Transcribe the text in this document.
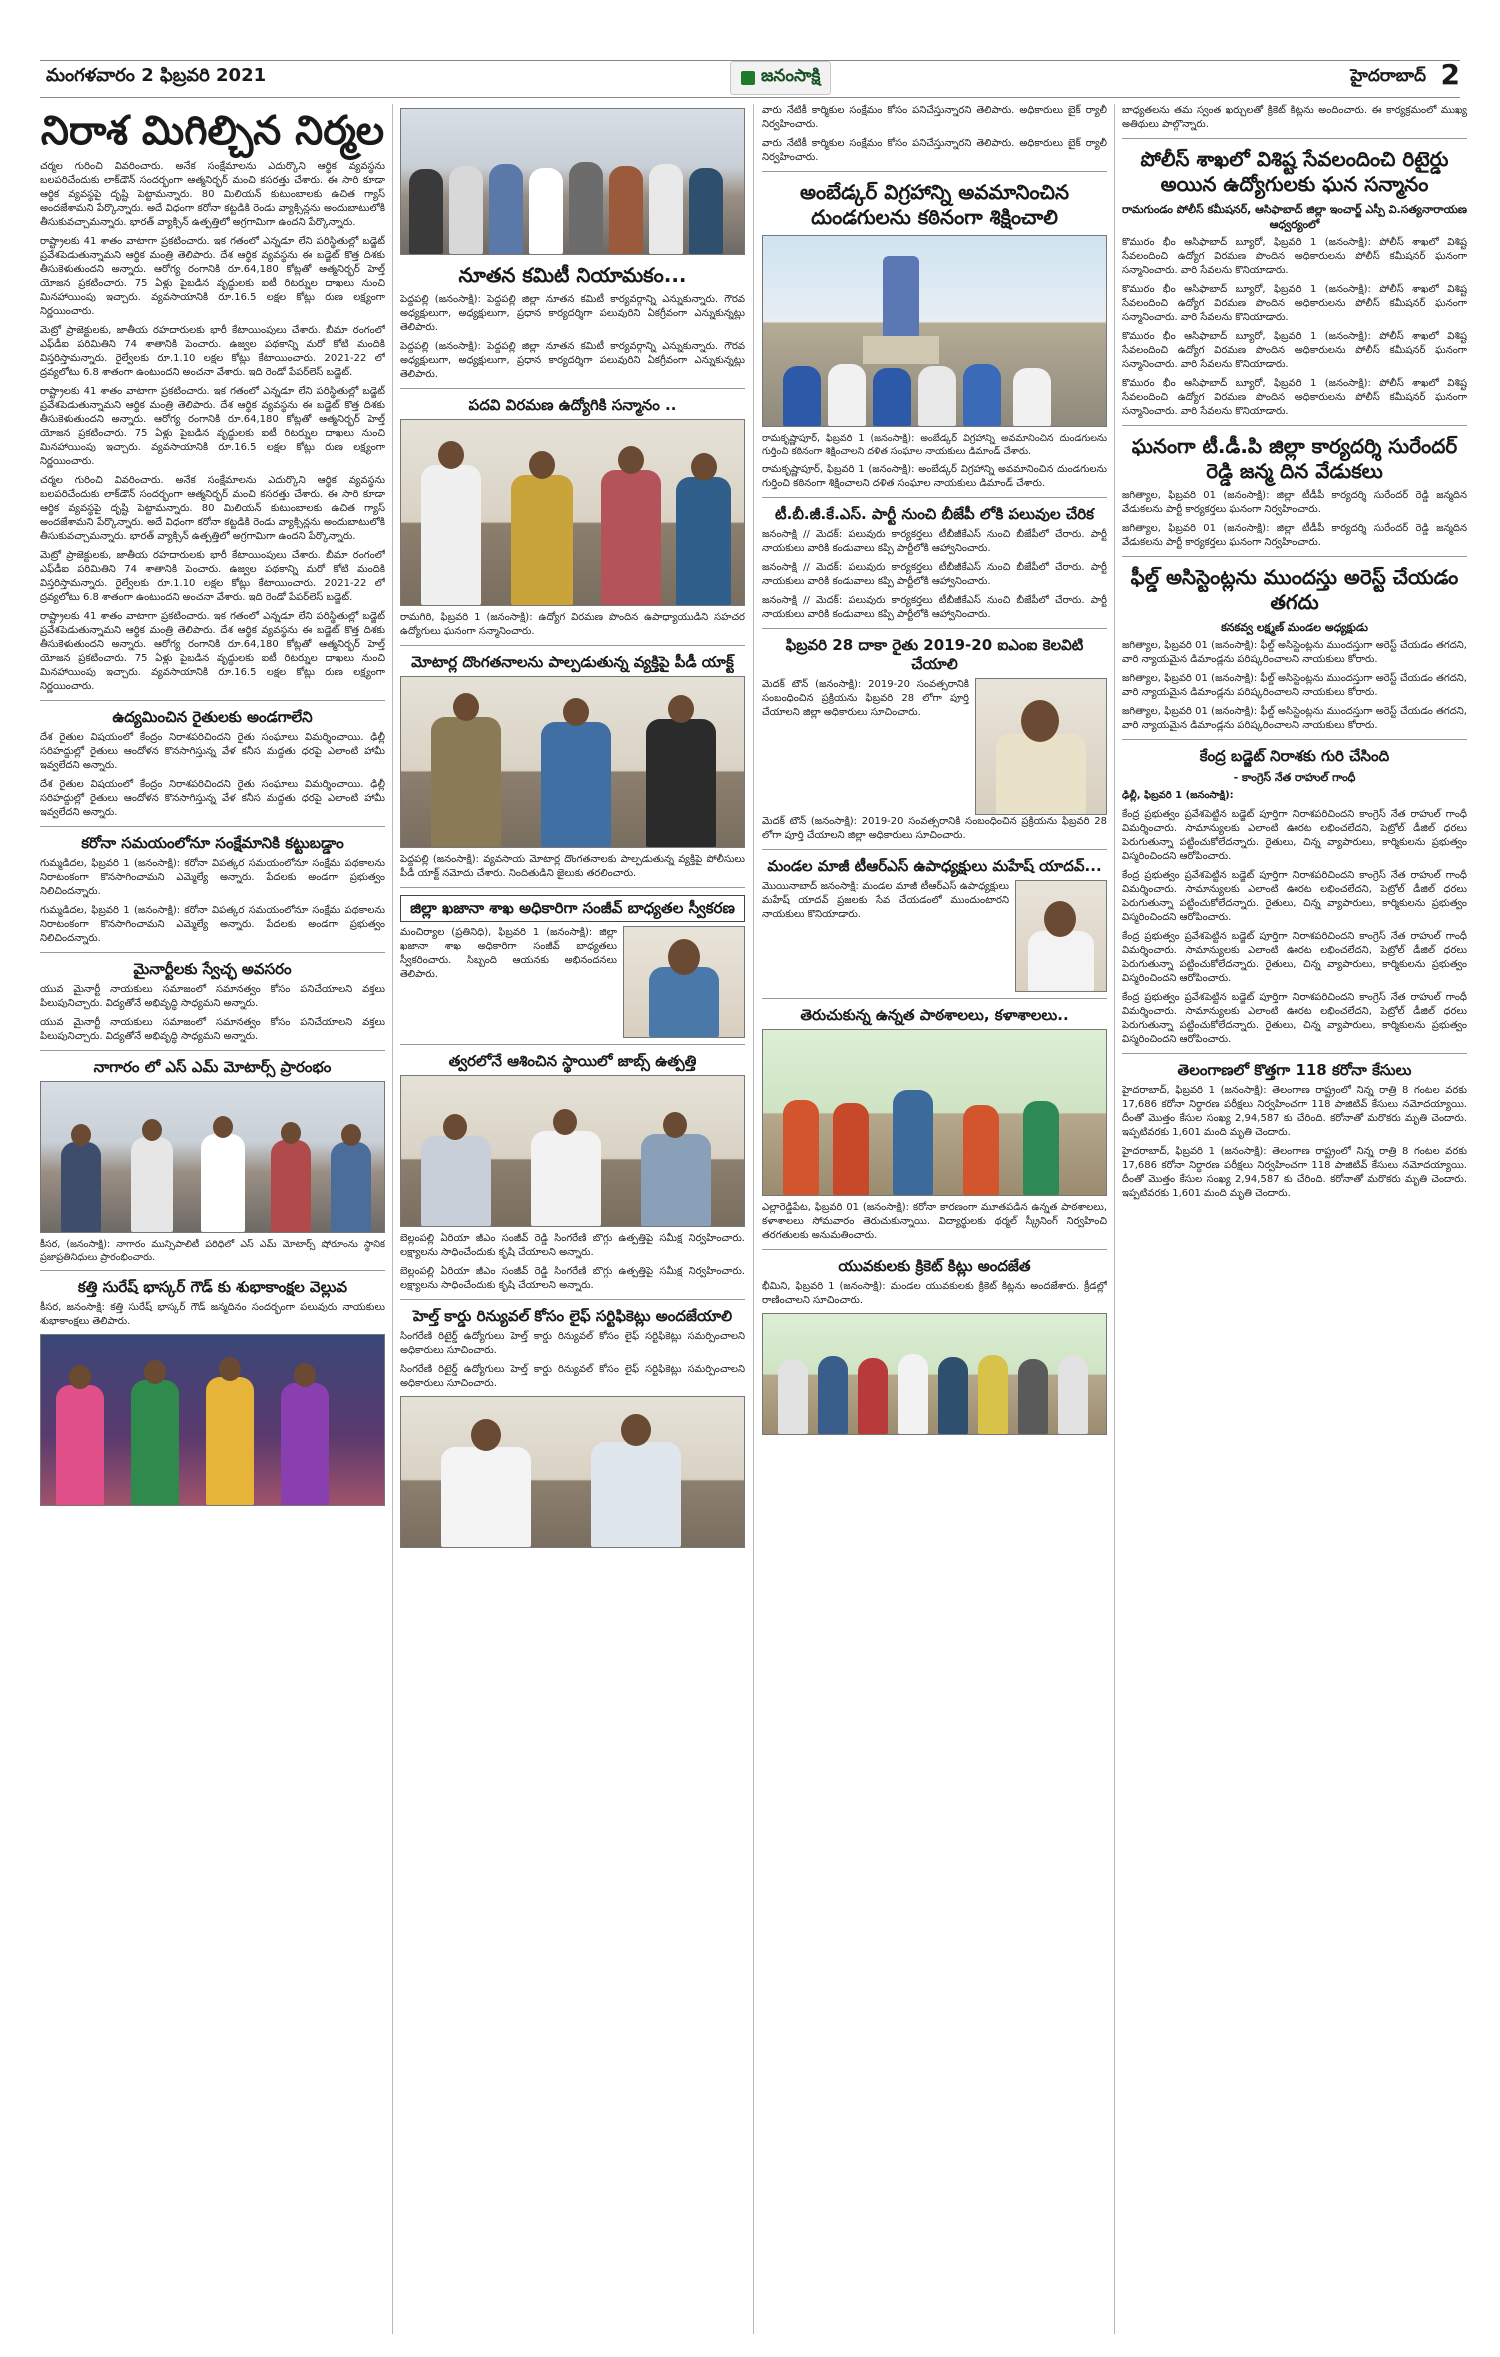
మంగళవారం 2 ఫిబ్రవరి 2021	జనంసాక్షి	హైదరాబాద్ 2
నిరాశ మిగిల్చిన నిర్మల

చర్మల గురించి వివరించారు. అనేక సంక్షేమాలను ఎదుర్కొని ఆర్థిక వ్యవస్థను బలపరిచేందుకు లాక్‌డౌన్ సందర్భంగా ఆత్మనిర్భర్ మంచి కసరత్తు చేశారు. ఈ సారి కూడా ఆర్థిక వ్యవస్థపై దృష్టి పెట్టామన్నారు. 80 మిలియన్ కుటుంబాలకు ఉచిత గ్యాస్ అందజేశామని పేర్కొన్నారు. అదే విధంగా కరోనా కట్టడికి రెండు వ్యాక్సిన్లను అందుబాటులోకి తీసుకువచ్చామన్నారు. భారత్ వ్యాక్సిన్ ఉత్పత్తిలో అగ్రగామిగా ఉందని పేర్కొన్నారు.

రాష్ట్రాలకు 41 శాతం వాటాగా ప్రకటించారు. ఇక గతంలో ఎన్నడూ లేని పరిస్థితుల్లో బడ్జెట్ ప్రవేశపెడుతున్నామని ఆర్థిక మంత్రి తెలిపారు. దేశ ఆర్థిక వ్యవస్థను ఈ బడ్జెట్ కొత్త దిశకు తీసుకెళుతుందని అన్నారు. ఆరోగ్య రంగానికి రూ.64,180 కోట్లతో ఆత్మనిర్భర్ హెల్త్ యోజన ప్రకటించారు. 75 ఏళ్లు పైబడిన వృద్ధులకు ఐటీ రిటర్నుల దాఖలు నుంచి మినహాయింపు ఇచ్చారు. వ్యవసాయానికి రూ.16.5 లక్షల కోట్లు రుణ లక్ష్యంగా నిర్ణయించారు.

మెట్రో ప్రాజెక్టులకు, జాతీయ రహదారులకు భారీ కేటాయింపులు చేశారు. బీమా రంగంలో ఎఫ్‌డీఐ పరిమితిని 74 శాతానికి పెంచారు. ఉజ్వల పథకాన్ని మరో కోటి మందికి విస్తరిస్తామన్నారు. రైల్వేలకు రూ.1.10 లక్షల కోట్లు కేటాయించారు. 2021-22 లో ద్రవ్యలోటు 6.8 శాతంగా ఉంటుందని అంచనా వేశారు. ఇది రెండో పేపర్‌లెస్ బడ్జెట్.

రాష్ట్రాలకు 41 శాతం వాటాగా ప్రకటించారు. ఇక గతంలో ఎన్నడూ లేని పరిస్థితుల్లో బడ్జెట్ ప్రవేశపెడుతున్నామని ఆర్థిక మంత్రి తెలిపారు. దేశ ఆర్థిక వ్యవస్థను ఈ బడ్జెట్ కొత్త దిశకు తీసుకెళుతుందని అన్నారు. ఆరోగ్య రంగానికి రూ.64,180 కోట్లతో ఆత్మనిర్భర్ హెల్త్ యోజన ప్రకటించారు. 75 ఏళ్లు పైబడిన వృద్ధులకు ఐటీ రిటర్నుల దాఖలు నుంచి మినహాయింపు ఇచ్చారు. వ్యవసాయానికి రూ.16.5 లక్షల కోట్లు రుణ లక్ష్యంగా నిర్ణయించారు.

చర్మల గురించి వివరించారు. అనేక సంక్షేమాలను ఎదుర్కొని ఆర్థిక వ్యవస్థను బలపరిచేందుకు లాక్‌డౌన్ సందర్భంగా ఆత్మనిర్భర్ మంచి కసరత్తు చేశారు. ఈ సారి కూడా ఆర్థిక వ్యవస్థపై దృష్టి పెట్టామన్నారు. 80 మిలియన్ కుటుంబాలకు ఉచిత గ్యాస్ అందజేశామని పేర్కొన్నారు. అదే విధంగా కరోనా కట్టడికి రెండు వ్యాక్సిన్లను అందుబాటులోకి తీసుకువచ్చామన్నారు. భారత్ వ్యాక్సిన్ ఉత్పత్తిలో అగ్రగామిగా ఉందని పేర్కొన్నారు.

మెట్రో ప్రాజెక్టులకు, జాతీయ రహదారులకు భారీ కేటాయింపులు చేశారు. బీమా రంగంలో ఎఫ్‌డీఐ పరిమితిని 74 శాతానికి పెంచారు. ఉజ్వల పథకాన్ని మరో కోటి మందికి విస్తరిస్తామన్నారు. రైల్వేలకు రూ.1.10 లక్షల కోట్లు కేటాయించారు. 2021-22 లో ద్రవ్యలోటు 6.8 శాతంగా ఉంటుందని అంచనా వేశారు. ఇది రెండో పేపర్‌లెస్ బడ్జెట్.

రాష్ట్రాలకు 41 శాతం వాటాగా ప్రకటించారు. ఇక గతంలో ఎన్నడూ లేని పరిస్థితుల్లో బడ్జెట్ ప్రవేశపెడుతున్నామని ఆర్థిక మంత్రి తెలిపారు. దేశ ఆర్థిక వ్యవస్థను ఈ బడ్జెట్ కొత్త దిశకు తీసుకెళుతుందని అన్నారు. ఆరోగ్య రంగానికి రూ.64,180 కోట్లతో ఆత్మనిర్భర్ హెల్త్ యోజన ప్రకటించారు. 75 ఏళ్లు పైబడిన వృద్ధులకు ఐటీ రిటర్నుల దాఖలు నుంచి మినహాయింపు ఇచ్చారు. వ్యవసాయానికి రూ.16.5 లక్షల కోట్లు రుణ లక్ష్యంగా నిర్ణయించారు.

ఉద్యమించిన రైతులకు అండగాలేని

దేశ రైతుల విషయంలో కేంద్రం నిరాశపరిచిందని రైతు సంఘాలు విమర్శించాయి. ఢిల్లీ సరిహద్దుల్లో రైతులు ఆందోళన కొనసాగిస్తున్న వేళ కనీస మద్దతు ధరపై ఎలాంటి హామీ ఇవ్వలేదని అన్నారు.

దేశ రైతుల విషయంలో కేంద్రం నిరాశపరిచిందని రైతు సంఘాలు విమర్శించాయి. ఢిల్లీ సరిహద్దుల్లో రైతులు ఆందోళన కొనసాగిస్తున్న వేళ కనీస మద్దతు ధరపై ఎలాంటి హామీ ఇవ్వలేదని అన్నారు.

కరోనా సమయంలోనూ సంక్షేమానికి కట్టుబడ్డాం

గుమ్మడిదల, ఫిబ్రవరి 1 (జనంసాక్షి): కరోనా విపత్కర సమయంలోనూ సంక్షేమ పథకాలను నిరాటంకంగా కొనసాగించామని ఎమ్మెల్యే అన్నారు. పేదలకు అండగా ప్రభుత్వం నిలిచిందన్నారు.

గుమ్మడిదల, ఫిబ్రవరి 1 (జనంసాక్షి): కరోనా విపత్కర సమయంలోనూ సంక్షేమ పథకాలను నిరాటంకంగా కొనసాగించామని ఎమ్మెల్యే అన్నారు. పేదలకు అండగా ప్రభుత్వం నిలిచిందన్నారు.

మైనార్టీలకు స్వేచ్ఛ అవసరం

యువ మైనార్టీ నాయకులు సమాజంలో సమానత్వం కోసం పనిచేయాలని వక్తలు పిలుపునిచ్చారు. విద్యతోనే అభివృద్ధి సాధ్యమని అన్నారు.

యువ మైనార్టీ నాయకులు సమాజంలో సమానత్వం కోసం పనిచేయాలని వక్తలు పిలుపునిచ్చారు. విద్యతోనే అభివృద్ధి సాధ్యమని అన్నారు.

నాగారం లో ఎస్ ఎమ్ మోటార్స్ ప్రారంభం

కీసర, (జనంసాక్షి): నాగారం మున్సిపాలిటీ పరిధిలో ఎస్ ఎమ్ మోటార్స్ షోరూంను స్థానిక ప్రజాప్రతినిధులు ప్రారంభించారు.

కత్తి సురేష్ భాస్కర్ గౌడ్ కు శుభాకాంక్షల వెల్లువ

కీసర, జనంసాక్షి: కత్తి సురేష్ భాస్కర్ గౌడ్ జన్మదినం సందర్భంగా పలువురు నాయకులు శుభాకాంక్షలు తెలిపారు.

నూతన కమిటీ నియామకం...

పెద్దపల్లి (జనంసాక్షి): పెద్దపల్లి జిల్లా నూతన కమిటీ కార్యవర్గాన్ని ఎన్నుకున్నారు. గౌరవ అధ్యక్షులుగా, అధ్యక్షులుగా, ప్రధాన కార్యదర్శిగా పలువురిని ఏకగ్రీవంగా ఎన్నుకున్నట్లు తెలిపారు.

పెద్దపల్లి (జనంసాక్షి): పెద్దపల్లి జిల్లా నూతన కమిటీ కార్యవర్గాన్ని ఎన్నుకున్నారు. గౌరవ అధ్యక్షులుగా, అధ్యక్షులుగా, ప్రధాన కార్యదర్శిగా పలువురిని ఏకగ్రీవంగా ఎన్నుకున్నట్లు తెలిపారు.

పదవి విరమణ ఉద్యోగికి సన్మానం ..

రామగిరి, ఫిబ్రవరి 1 (జనంసాక్షి): ఉద్యోగ విరమణ పొందిన ఉపాధ్యాయుడిని సహచర ఉద్యోగులు ఘనంగా సన్మానించారు.

మోటార్ల దొంగతనాలను పాల్పడుతున్న వ్యక్తిపై పీడీ యాక్ట్

పెద్దపల్లి (జనంసాక్షి): వ్యవసాయ మోటార్ల దొంగతనాలకు పాల్పడుతున్న వ్యక్తిపై పోలీసులు పీడీ యాక్ట్ నమోదు చేశారు. నిందితుడిని జైలుకు తరలించారు.

జిల్లా ఖజానా శాఖ అధికారిగా సంజీవ్ బాధ్యతల స్వీకరణ

మంచిర్యాల (ప్రతినిధి), ఫిబ్రవరి 1 (జనంసాక్షి): జిల్లా ఖజానా శాఖ అధికారిగా సంజీవ్ బాధ్యతలు స్వీకరించారు. సిబ్బంది ఆయనకు అభినందనలు తెలిపారు.

త్వరలోనే ఆశించిన స్థాయిలో జాబ్స్ ఉత్పత్తి

బెల్లంపల్లి ఏరియా జీఎం సంజీవ్ రెడ్డి సింగరేణి బొగ్గు ఉత్పత్తిపై సమీక్ష నిర్వహించారు. లక్ష్యాలను సాధించేందుకు కృషి చేయాలని అన్నారు.

బెల్లంపల్లి ఏరియా జీఎం సంజీవ్ రెడ్డి సింగరేణి బొగ్గు ఉత్పత్తిపై సమీక్ష నిర్వహించారు. లక్ష్యాలను సాధించేందుకు కృషి చేయాలని అన్నారు.

హెల్త్ కార్డు రిన్యువల్ కోసం లైఫ్ సర్టిఫికెట్లు అందజేయాలి

సింగరేణి రిటైర్డ్ ఉద్యోగులు హెల్త్ కార్డు రిన్యువల్ కోసం లైఫ్ సర్టిఫికెట్లు సమర్పించాలని అధికారులు సూచించారు.

సింగరేణి రిటైర్డ్ ఉద్యోగులు హెల్త్ కార్డు రిన్యువల్ కోసం లైఫ్ సర్టిఫికెట్లు సమర్పించాలని అధికారులు సూచించారు.

వారు నేటికీ కార్మికుల సంక్షేమం కోసం పనిచేస్తున్నారని తెలిపారు. అధికారులు బైక్ ర్యాలీ నిర్వహించారు.

వారు నేటికీ కార్మికుల సంక్షేమం కోసం పనిచేస్తున్నారని తెలిపారు. అధికారులు బైక్ ర్యాలీ నిర్వహించారు.

అంబేడ్కర్ విగ్రహాన్ని అవమానించిన దుండగులను కఠినంగా శిక్షించాలి

రామకృష్ణాపూర్, ఫిబ్రవరి 1 (జనంసాక్షి): అంబేడ్కర్ విగ్రహాన్ని అవమానించిన దుండగులను గుర్తించి కఠినంగా శిక్షించాలని దళిత సంఘాల నాయకులు డిమాండ్ చేశారు.

రామకృష్ణాపూర్, ఫిబ్రవరి 1 (జనంసాక్షి): అంబేడ్కర్ విగ్రహాన్ని అవమానించిన దుండగులను గుర్తించి కఠినంగా శిక్షించాలని దళిత సంఘాల నాయకులు డిమాండ్ చేశారు.

టీ.బీ.జీ.కే.ఎస్. పార్టీ నుంచి బీజేపీ లోకి పలువుల చేరిక

జనంసాక్షి // మెదక్: పలువురు కార్యకర్తలు టీబీజీకేఎస్ నుంచి బీజేపీలో చేరారు. పార్టీ నాయకులు వారికి కండువాలు కప్పి పార్టీలోకి ఆహ్వానించారు.

జనంసాక్షి // మెదక్: పలువురు కార్యకర్తలు టీబీజీకేఎస్ నుంచి బీజేపీలో చేరారు. పార్టీ నాయకులు వారికి కండువాలు కప్పి పార్టీలోకి ఆహ్వానించారు.

జనంసాక్షి // మెదక్: పలువురు కార్యకర్తలు టీబీజీకేఎస్ నుంచి బీజేపీలో చేరారు. పార్టీ నాయకులు వారికి కండువాలు కప్పి పార్టీలోకి ఆహ్వానించారు.

ఫిబ్రవరి 28 దాకా రైతు 2019-20 ఐఎంఐ కెలవిటి చేయాలి

మెదక్ టౌన్ (జనంసాక్షి): 2019-20 సంవత్సరానికి సంబంధించిన ప్రక్రియను ఫిబ్రవరి 28 లోగా పూర్తి చేయాలని జిల్లా అధికారులు సూచించారు.

మెదక్ టౌన్ (జనంసాక్షి): 2019-20 సంవత్సరానికి సంబంధించిన ప్రక్రియను ఫిబ్రవరి 28 లోగా పూర్తి చేయాలని జిల్లా అధికారులు సూచించారు.

మండల మాజీ టీఆర్ఎస్ ఉపాధ్యక్షులు మహేష్ యాదవ్...

మొయినాబాద్ జనంసాక్షి: మండల మాజీ టీఆర్ఎస్ ఉపాధ్యక్షులు మహేష్ యాదవ్ ప్రజలకు సేవ చేయడంలో ముందుంటారని నాయకులు కొనియాడారు.

తెరుచుకున్న ఉన్నత పాఠశాలలు, కళాశాలలు..

ఎల్లారెడ్డిపేట, ఫిబ్రవరి 01 (జనంసాక్షి): కరోనా కారణంగా మూతపడిన ఉన్నత పాఠశాలలు, కళాశాలలు సోమవారం తెరుచుకున్నాయి. విద్యార్థులకు థర్మల్ స్క్రీనింగ్ నిర్వహించి తరగతులకు అనుమతించారు.

యువకులకు క్రికెట్ కిట్లు అందజేత

భీమిని, ఫిబ్రవరి 1 (జనంసాక్షి): మండల యువకులకు క్రికెట్ కిట్లను అందజేశారు. క్రీడల్లో రాణించాలని సూచించారు.

బాధ్యతలను తమ స్వంత ఖర్చులతో క్రికెట్ కిట్లను అందించారు. ఈ కార్యక్రమంలో ముఖ్య అతిథులు పాల్గొన్నారు.

పోలీస్ శాఖలో విశిష్ట సేవలందించి రిటైర్డు అయిన ఉద్యోగులకు ఘన సన్మానం
రామగుండం పోలీస్ కమీషనర్, ఆసిఫాబాద్ జిల్లా ఇంచార్జ్ ఎస్పీ వి.సత్యనారాయణ ఆధ్వర్యంలో

కొమురం భీం ఆసిఫాబాద్ బ్యూరో, ఫిబ్రవరి 1 (జనంసాక్షి): పోలీస్ శాఖలో విశిష్ట సేవలందించి ఉద్యోగ విరమణ పొందిన అధికారులను పోలీస్ కమీషనర్ ఘనంగా సన్మానించారు. వారి సేవలను కొనియాడారు.

కొమురం భీం ఆసిఫాబాద్ బ్యూరో, ఫిబ్రవరి 1 (జనంసాక్షి): పోలీస్ శాఖలో విశిష్ట సేవలందించి ఉద్యోగ విరమణ పొందిన అధికారులను పోలీస్ కమీషనర్ ఘనంగా సన్మానించారు. వారి సేవలను కొనియాడారు.

కొమురం భీం ఆసిఫాబాద్ బ్యూరో, ఫిబ్రవరి 1 (జనంసాక్షి): పోలీస్ శాఖలో విశిష్ట సేవలందించి ఉద్యోగ విరమణ పొందిన అధికారులను పోలీస్ కమీషనర్ ఘనంగా సన్మానించారు. వారి సేవలను కొనియాడారు.

కొమురం భీం ఆసిఫాబాద్ బ్యూరో, ఫిబ్రవరి 1 (జనంసాక్షి): పోలీస్ శాఖలో విశిష్ట సేవలందించి ఉద్యోగ విరమణ పొందిన అధికారులను పోలీస్ కమీషనర్ ఘనంగా సన్మానించారు. వారి సేవలను కొనియాడారు.

ఘనంగా టీ.డీ.పి జిల్లా కార్యదర్శి సురేందర్ రెడ్డి జన్మ దిన వేడుకలు

జగిత్యాల, ఫిబ్రవరి 01 (జనంసాక్షి): జిల్లా టీడీపీ కార్యదర్శి సురేందర్ రెడ్డి జన్మదిన వేడుకలను పార్టీ కార్యకర్తలు ఘనంగా నిర్వహించారు.

జగిత్యాల, ఫిబ్రవరి 01 (జనంసాక్షి): జిల్లా టీడీపీ కార్యదర్శి సురేందర్ రెడ్డి జన్మదిన వేడుకలను పార్టీ కార్యకర్తలు ఘనంగా నిర్వహించారు.

ఫీల్డ్ అసిస్టెంట్లను ముందస్తు అరెస్ట్ చేయడం తగదు
కనకవ్వ లక్ష్మణ్ మండల అధ్యక్షుడు

జగిత్యాల, ఫిబ్రవరి 01 (జనంసాక్షి): ఫీల్డ్ అసిస్టెంట్లను ముందస్తుగా అరెస్ట్ చేయడం తగదని, వారి న్యాయమైన డిమాండ్లను పరిష్కరించాలని నాయకులు కోరారు.

జగిత్యాల, ఫిబ్రవరి 01 (జనంసాక్షి): ఫీల్డ్ అసిస్టెంట్లను ముందస్తుగా అరెస్ట్ చేయడం తగదని, వారి న్యాయమైన డిమాండ్లను పరిష్కరించాలని నాయకులు కోరారు.

జగిత్యాల, ఫిబ్రవరి 01 (జనంసాక్షి): ఫీల్డ్ అసిస్టెంట్లను ముందస్తుగా అరెస్ట్ చేయడం తగదని, వారి న్యాయమైన డిమాండ్లను పరిష్కరించాలని నాయకులు కోరారు.

కేంద్ర బడ్జెట్ నిరాశకు గురి చేసింది
- కాంగ్రెస్ నేత రాహుల్ గాంధీ

ఢిల్లీ, ఫిబ్రవరి 1 (జనంసాక్షి):

కేంద్ర ప్రభుత్వం ప్రవేశపెట్టిన బడ్జెట్ పూర్తిగా నిరాశపరిచిందని కాంగ్రెస్ నేత రాహుల్ గాంధీ విమర్శించారు. సామాన్యులకు ఎలాంటి ఊరట లభించలేదని, పెట్రోల్ డీజిల్ ధరలు పెరుగుతున్నా పట్టించుకోలేదన్నారు. రైతులు, చిన్న వ్యాపారులు, కార్మికులను ప్రభుత్వం విస్మరించిందని ఆరోపించారు.

కేంద్ర ప్రభుత్వం ప్రవేశపెట్టిన బడ్జెట్ పూర్తిగా నిరాశపరిచిందని కాంగ్రెస్ నేత రాహుల్ గాంధీ విమర్శించారు. సామాన్యులకు ఎలాంటి ఊరట లభించలేదని, పెట్రోల్ డీజిల్ ధరలు పెరుగుతున్నా పట్టించుకోలేదన్నారు. రైతులు, చిన్న వ్యాపారులు, కార్మికులను ప్రభుత్వం విస్మరించిందని ఆరోపించారు.

కేంద్ర ప్రభుత్వం ప్రవేశపెట్టిన బడ్జెట్ పూర్తిగా నిరాశపరిచిందని కాంగ్రెస్ నేత రాహుల్ గాంధీ విమర్శించారు. సామాన్యులకు ఎలాంటి ఊరట లభించలేదని, పెట్రోల్ డీజిల్ ధరలు పెరుగుతున్నా పట్టించుకోలేదన్నారు. రైతులు, చిన్న వ్యాపారులు, కార్మికులను ప్రభుత్వం విస్మరించిందని ఆరోపించారు.

కేంద్ర ప్రభుత్వం ప్రవేశపెట్టిన బడ్జెట్ పూర్తిగా నిరాశపరిచిందని కాంగ్రెస్ నేత రాహుల్ గాంధీ విమర్శించారు. సామాన్యులకు ఎలాంటి ఊరట లభించలేదని, పెట్రోల్ డీజిల్ ధరలు పెరుగుతున్నా పట్టించుకోలేదన్నారు. రైతులు, చిన్న వ్యాపారులు, కార్మికులను ప్రభుత్వం విస్మరించిందని ఆరోపించారు.

తెలంగాణలో కొత్తగా 118 కరోనా కేసులు

హైదరాబాద్, ఫిబ్రవరి 1 (జనంసాక్షి): తెలంగాణ రాష్ట్రంలో నిన్న రాత్రి 8 గంటల వరకు 17,686 కరోనా నిర్ధారణ పరీక్షలు నిర్వహించగా 118 పాజిటివ్ కేసులు నమోదయ్యాయి. దీంతో మొత్తం కేసుల సంఖ్య 2,94,587 కు చేరింది. కరోనాతో మరొకరు మృతి చెందారు. ఇప్పటివరకు 1,601 మంది మృతి చెందారు.

హైదరాబాద్, ఫిబ్రవరి 1 (జనంసాక్షి): తెలంగాణ రాష్ట్రంలో నిన్న రాత్రి 8 గంటల వరకు 17,686 కరోనా నిర్ధారణ పరీక్షలు నిర్వహించగా 118 పాజిటివ్ కేసులు నమోదయ్యాయి. దీంతో మొత్తం కేసుల సంఖ్య 2,94,587 కు చేరింది. కరోనాతో మరొకరు మృతి చెందారు. ఇప్పటివరకు 1,601 మంది మృతి చెందారు.
